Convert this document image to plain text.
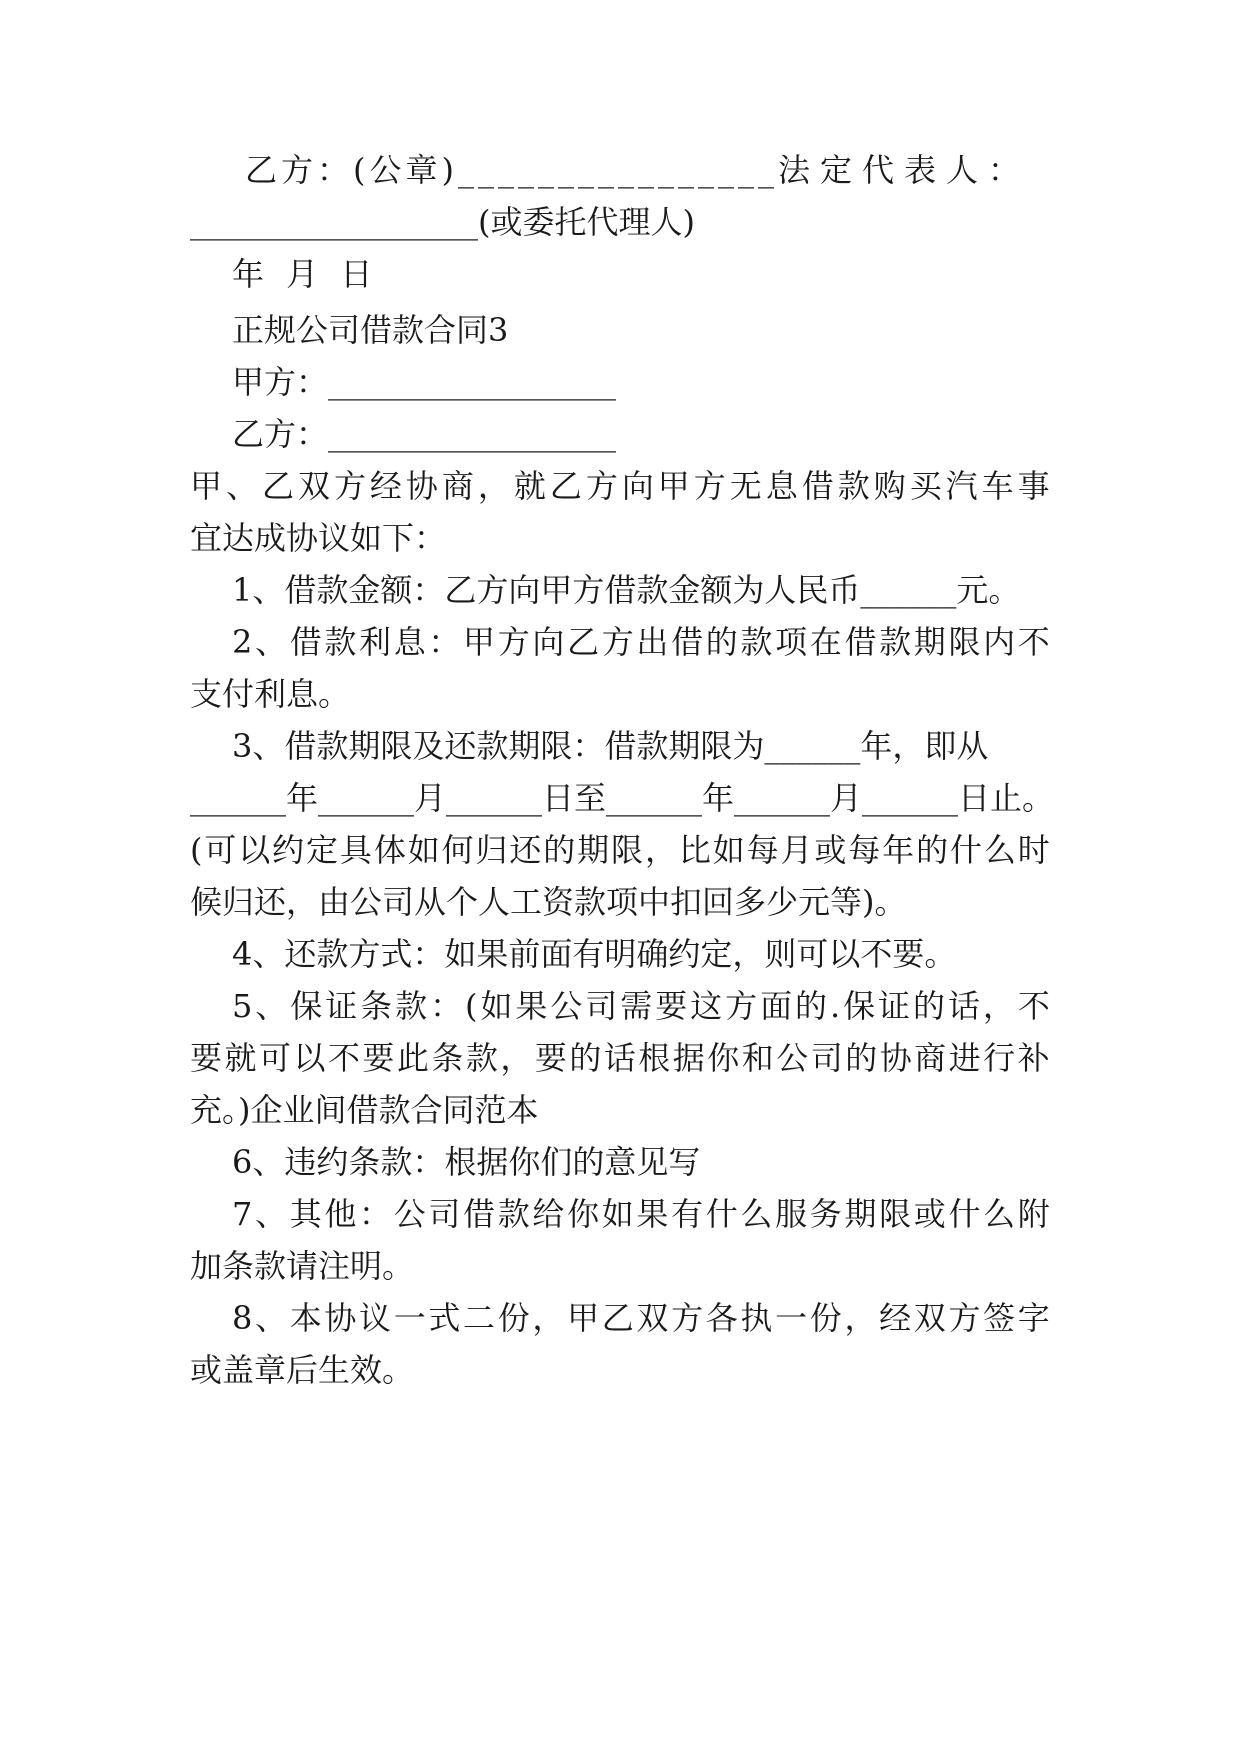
乙方：(公章)________________ 法定代表人：
__________________(或委托代理人)
年 月 日
正规公司借款合同3
甲方：__________________
乙方：__________________
甲 、 乙 双 方 经 协 商 ， 就 乙 方 向 甲 方 无 息 借 款 购 买 汽 车 事
宜达成协议如下：
1、借款金额：乙方向甲方借款金额为人民币______元。
2 、 借 款 利 息 ： 甲 方 向 乙 方 出 借 的 款 项 在 借 款 期 限 内 不
支付利息。
3、借款期限及还款期限：借款期限为______年，即从
______年______月______日至______年______月______日止。
( 可 以 约 定 具 体 如 何 归 还 的 期 限 ， 比 如 每 月 或 每 年 的 什 么 时
候归还，由公司从个人工资款项中扣回多少元等)。
4、还款方式：如果前面有明确约定，则可以不要。
5 、 保 证 条 款 ： ( 如 果 公 司 需 要 这 方 面 的 . 保 证 的 话 ， 不
要 就 可 以 不 要 此 条 款 ， 要 的 话 根 据 你 和 公 司 的 协 商 进 行 补
充。)企业间借款合同范本
6、违约条款：根据你们的意见写
7 、 其 他 ： 公 司 借 款 给 你 如 果 有 什 么 服 务 期 限 或 什 么 附
加条款请注明。
8 、 本 协 议 一 式 二 份 ， 甲 乙 双 方 各 执 一 份 ， 经 双 方 签 字
或盖章后生效。
